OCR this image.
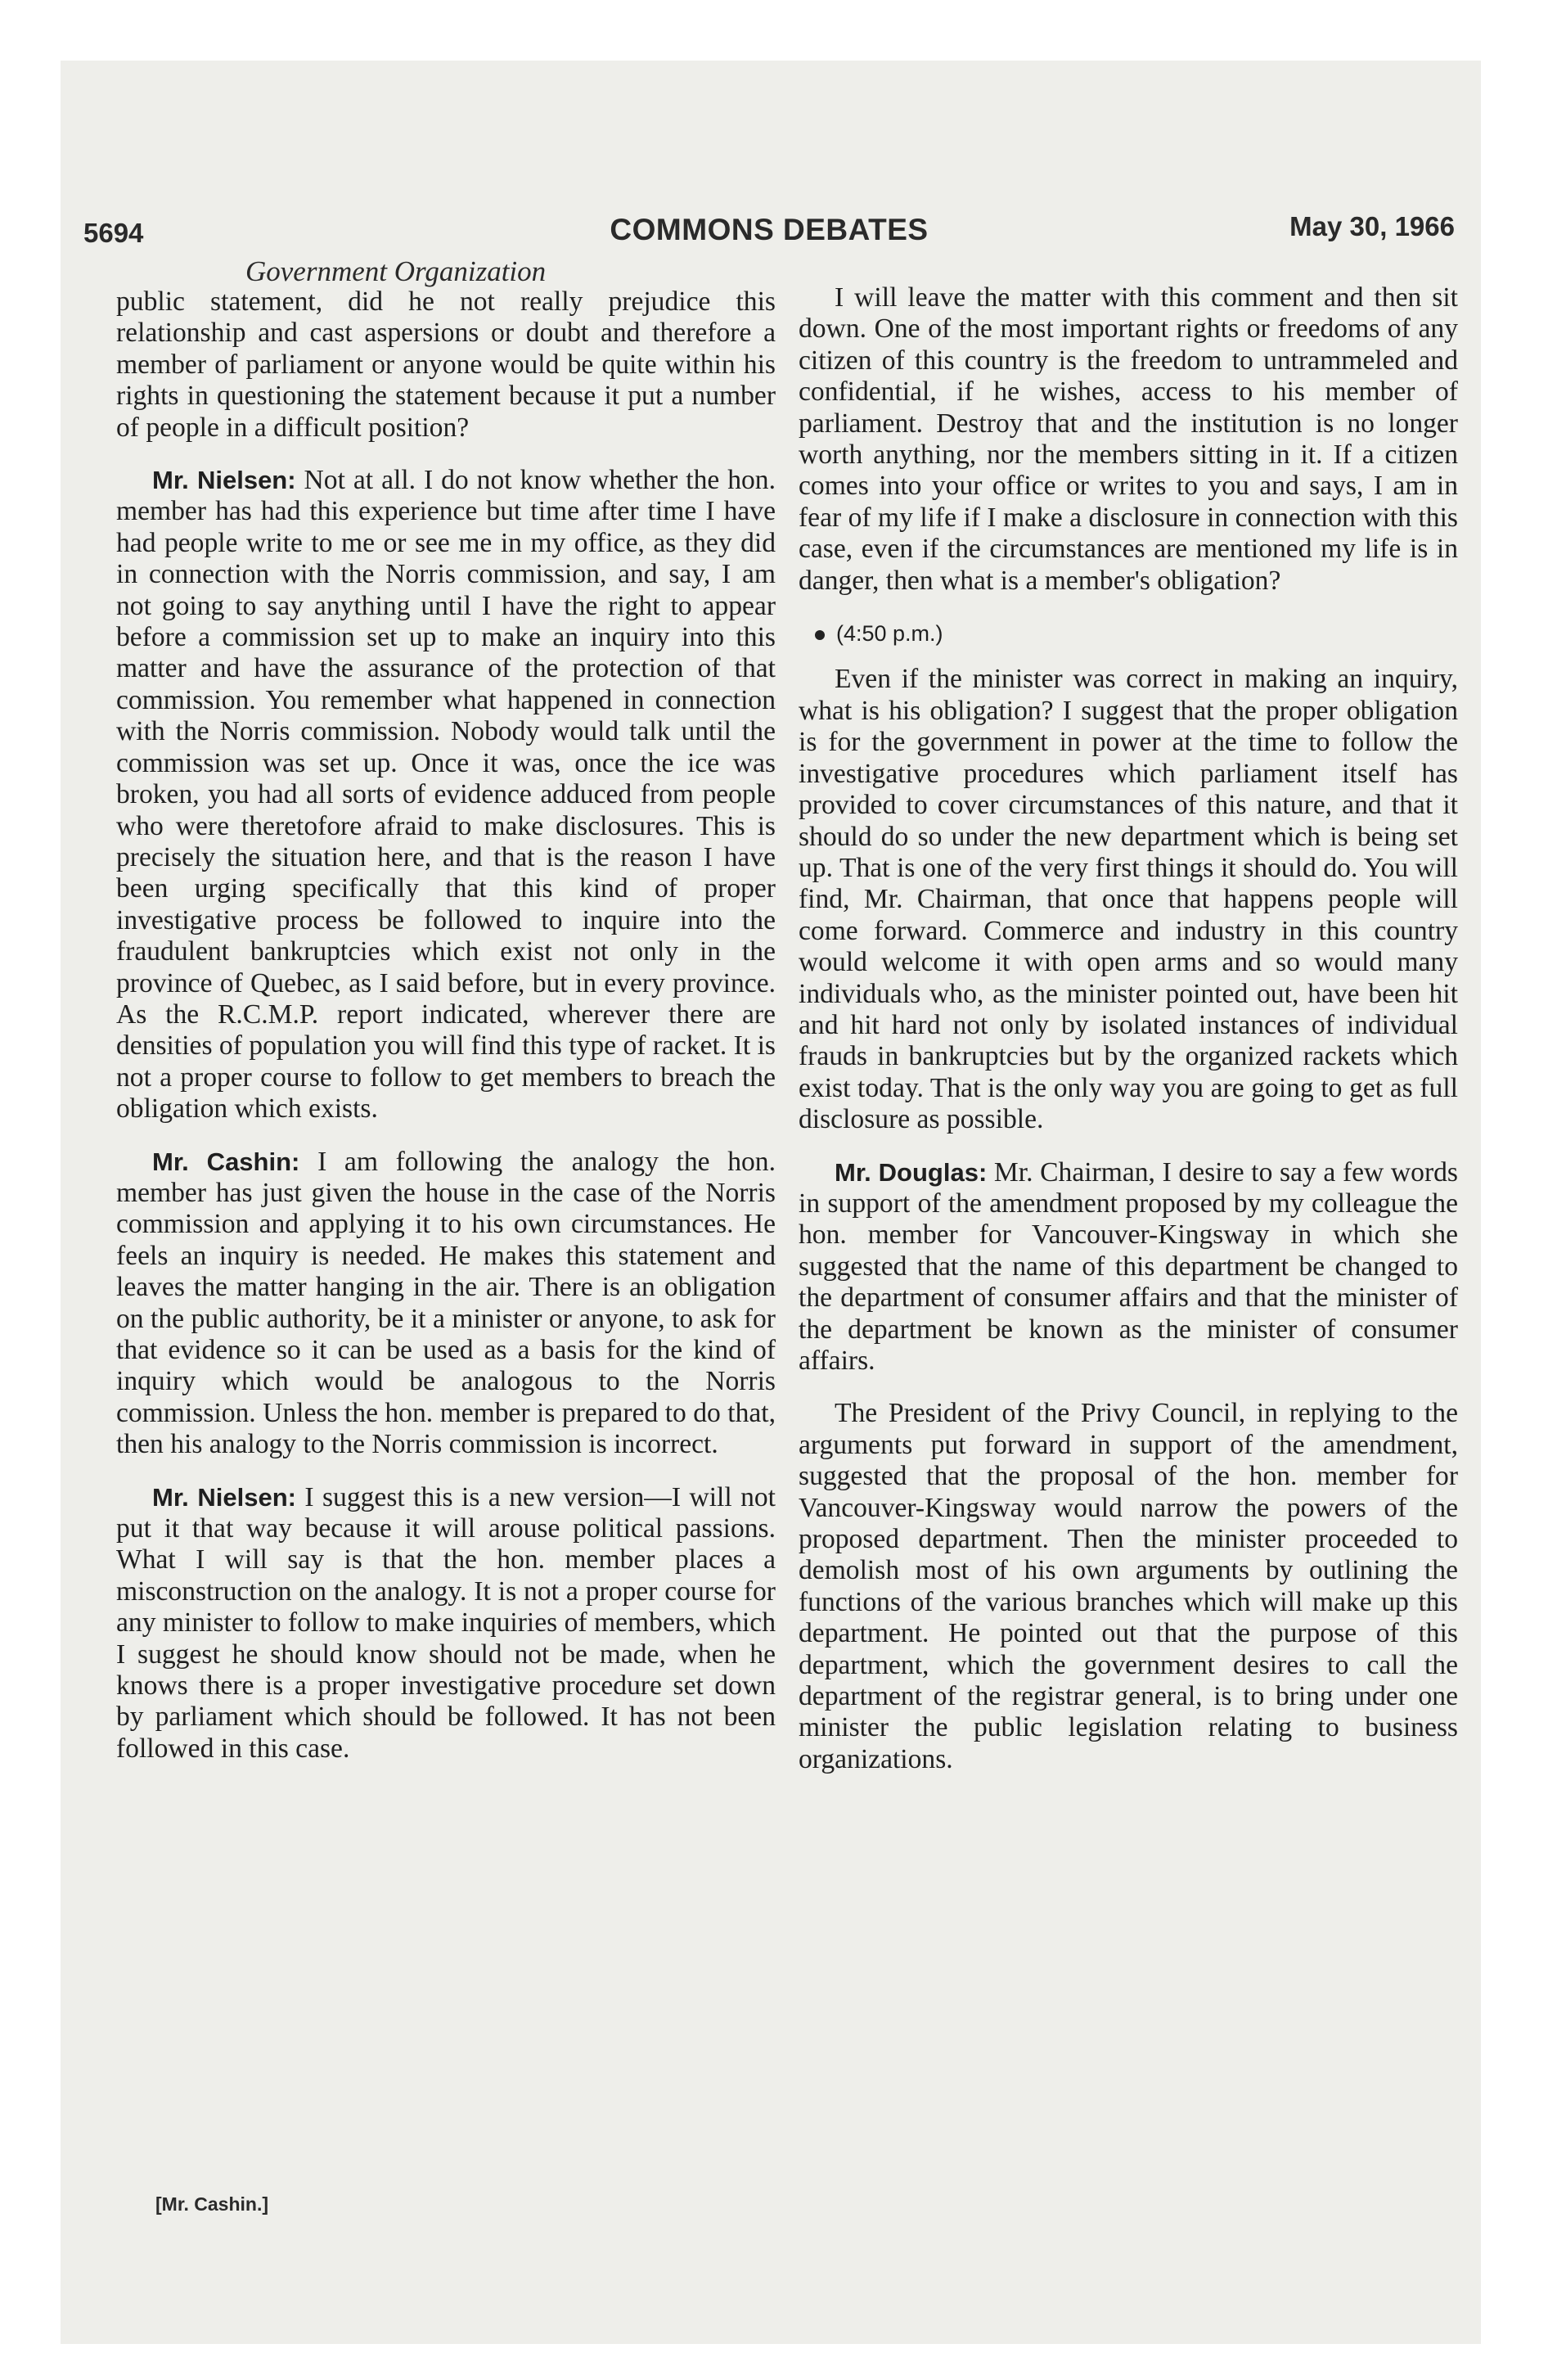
5694	COMMONS DEBATES	May 30, 1966
Government Organization

public statement, did he not really prejudice this relationship and cast aspersions or doubt and therefore a member of parliament or anyone would be quite within his rights in questioning the statement because it put a number of people in a difficult position?

Mr. Nielsen: Not at all. I do not know whether the hon. member has had this experience but time after time I have had people write to me or see me in my office, as they did in connection with the Norris commission, and say, I am not going to say anything until I have the right to appear before a commission set up to make an inquiry into this matter and have the assurance of the protection of that commission. You remember what happened in connection with the Norris commission. Nobody would talk until the commission was set up. Once it was, once the ice was broken, you had all sorts of evidence adduced from people who were theretofore afraid to make disclosures. This is precisely the situation here, and that is the reason I have been urging specifically that this kind of proper investigative process be followed to inquire into the fraudulent bankruptcies which exist not only in the province of Quebec, as I said before, but in every province. As the R.C.M.P. report indicated, wherever there are densities of population you will find this type of racket. It is not a proper course to follow to get members to breach the obligation which exists.

Mr. Cashin: I am following the analogy the hon. member has just given the house in the case of the Norris commission and applying it to his own circumstances. He feels an inquiry is needed. He makes this statement and leaves the matter hanging in the air. There is an obligation on the public authority, be it a minister or anyone, to ask for that evidence so it can be used as a basis for the kind of inquiry which would be analogous to the Norris commission. Unless the hon. member is prepared to do that, then his analogy to the Norris commission is incorrect.

Mr. Nielsen: I suggest this is a new version—I will not put it that way because it will arouse political passions. What I will say is that the hon. member places a misconstruction on the analogy. It is not a proper course for any minister to follow to make inquiries of members, which I suggest he should know should not be made, when he knows there is a proper investigative procedure set down by parliament which should be followed. It has not been followed in this case.

I will leave the matter with this comment and then sit down. One of the most important rights or freedoms of any citizen of this country is the freedom to untrammeled and confidential, if he wishes, access to his member of parliament. Destroy that and the institution is no longer worth anything, nor the members sitting in it. If a citizen comes into your office or writes to you and says, I am in fear of my life if I make a disclosure in connection with this case, even if the circumstances are mentioned my life is in danger, then what is a member's obligation?

(4:50 p.m.)

Even if the minister was correct in making an inquiry, what is his obligation? I suggest that the proper obligation is for the government in power at the time to follow the investigative procedures which parliament itself has provided to cover circumstances of this nature, and that it should do so under the new department which is being set up. That is one of the very first things it should do. You will find, Mr. Chairman, that once that happens people will come forward. Commerce and industry in this country would welcome it with open arms and so would many individuals who, as the minister pointed out, have been hit and hit hard not only by isolated instances of individual frauds in bankruptcies but by the organized rackets which exist today. That is the only way you are going to get as full disclosure as possible.

Mr. Douglas: Mr. Chairman, I desire to say a few words in support of the amendment proposed by my colleague the hon. member for Vancouver-Kingsway in which she suggested that the name of this department be changed to the department of consumer affairs and that the minister of the department be known as the minister of consumer affairs.

The President of the Privy Council, in replying to the arguments put forward in support of the amendment, suggested that the proposal of the hon. member for Vancouver-Kingsway would narrow the powers of the proposed department. Then the minister proceeded to demolish most of his own arguments by outlining the functions of the various branches which will make up this department. He pointed out that the purpose of this department, which the government desires to call the department of the registrar general, is to bring under one minister the public legislation relating to business organizations.

[Mr. Cashin.]
